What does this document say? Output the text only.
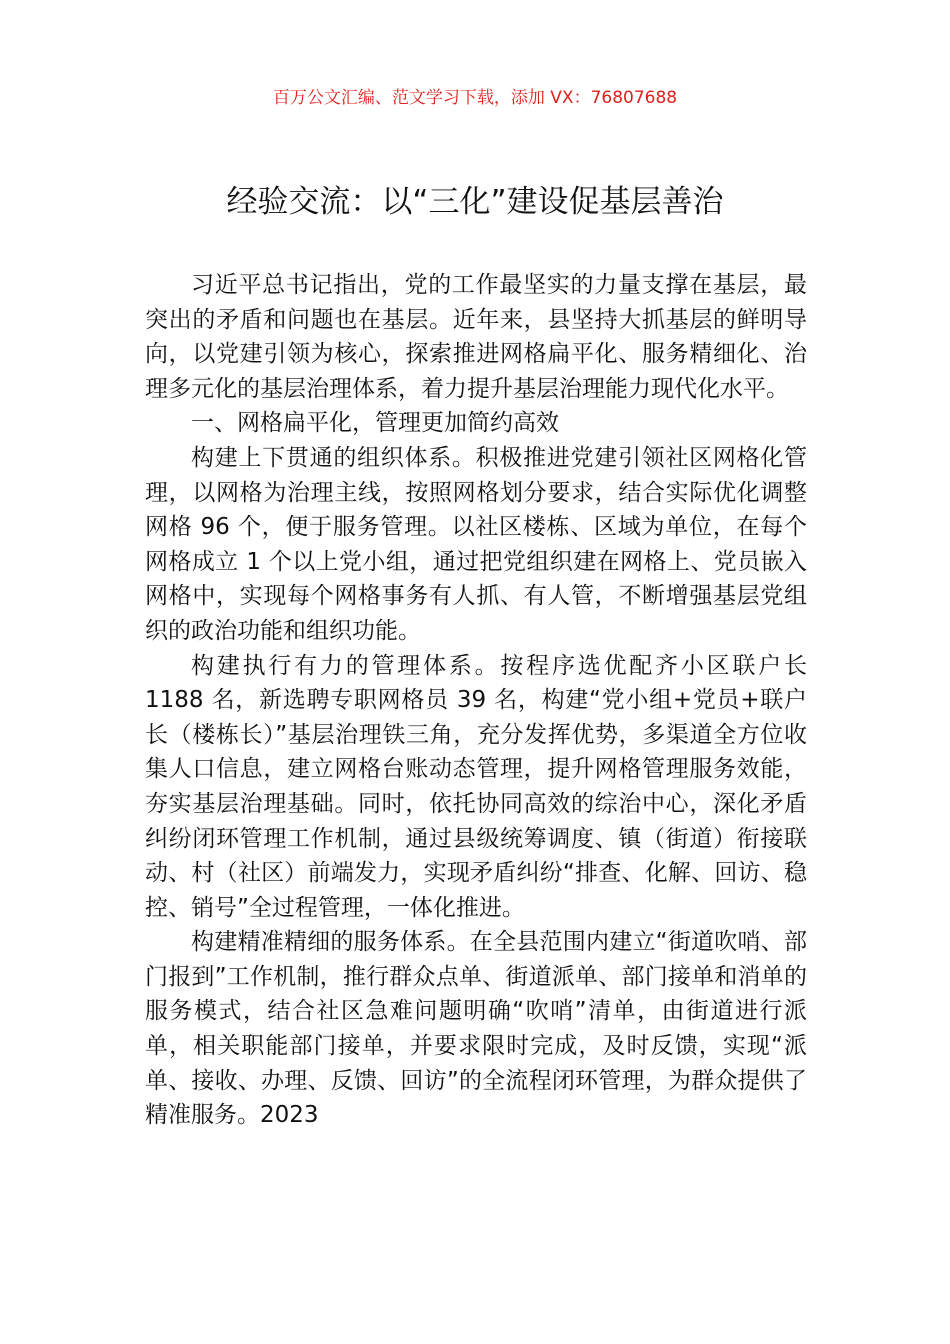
百万公文汇编、范文学习下载，添加 VX：76807688
经验交流：以“三化”建设促基层善治

习近平总书记指出，党的工作最坚实的力量支撑在基层，最突出的矛盾和问题也在基层。近年来，县坚持大抓基层的鲜明导向，以党建引领为核心，探索推进网格扁平化、服务精细化、治理多元化的基层治理体系，着力提升基层治理能力现代化水平。

一、网格扁平化，管理更加简约高效

构建上下贯通的组织体系。积极推进党建引领社区网格化管理，以网格为治理主线，按照网格划分要求，结合实际优化调整网格 96 个，便于服务管理。以社区楼栋、区域为单位，在每个网格成立 1 个以上党小组，通过把党组织建在网格上、党员嵌入网格中，实现每个网格事务有人抓、有人管，不断增强基层党组织的政治功能和组织功能。

构建执行有力的管理体系。按程序选优配齐小区联户长 1188 名，新选聘专职网格员 39 名，构建“党小组+党员+联户长（楼栋长）”基层治理铁三角，充分发挥优势，多渠道全方位收集人口信息，建立网格台账动态管理，提升网格管理服务效能，夯实基层治理基础。同时，依托协同高效的综治中心，深化矛盾纠纷闭环管理工作机制，通过县级统筹调度、镇（街道）衔接联动、村（社区）前端发力，实现矛盾纠纷“排查、化解、回访、稳控、销号”全过程管理，一体化推进。

构建精准精细的服务体系。在全县范围内建立“街道吹哨、部门报到”工作机制，推行群众点单、街道派单、部门接单和消单的服务模式，结合社区急难问题明确“吹哨”清单，由街道进行派单，相关职能部门接单，并要求限时完成，及时反馈，实现“派单、接收、办理、反馈、回访”的全流程闭环管理，为群众提供了精准服务。2023
